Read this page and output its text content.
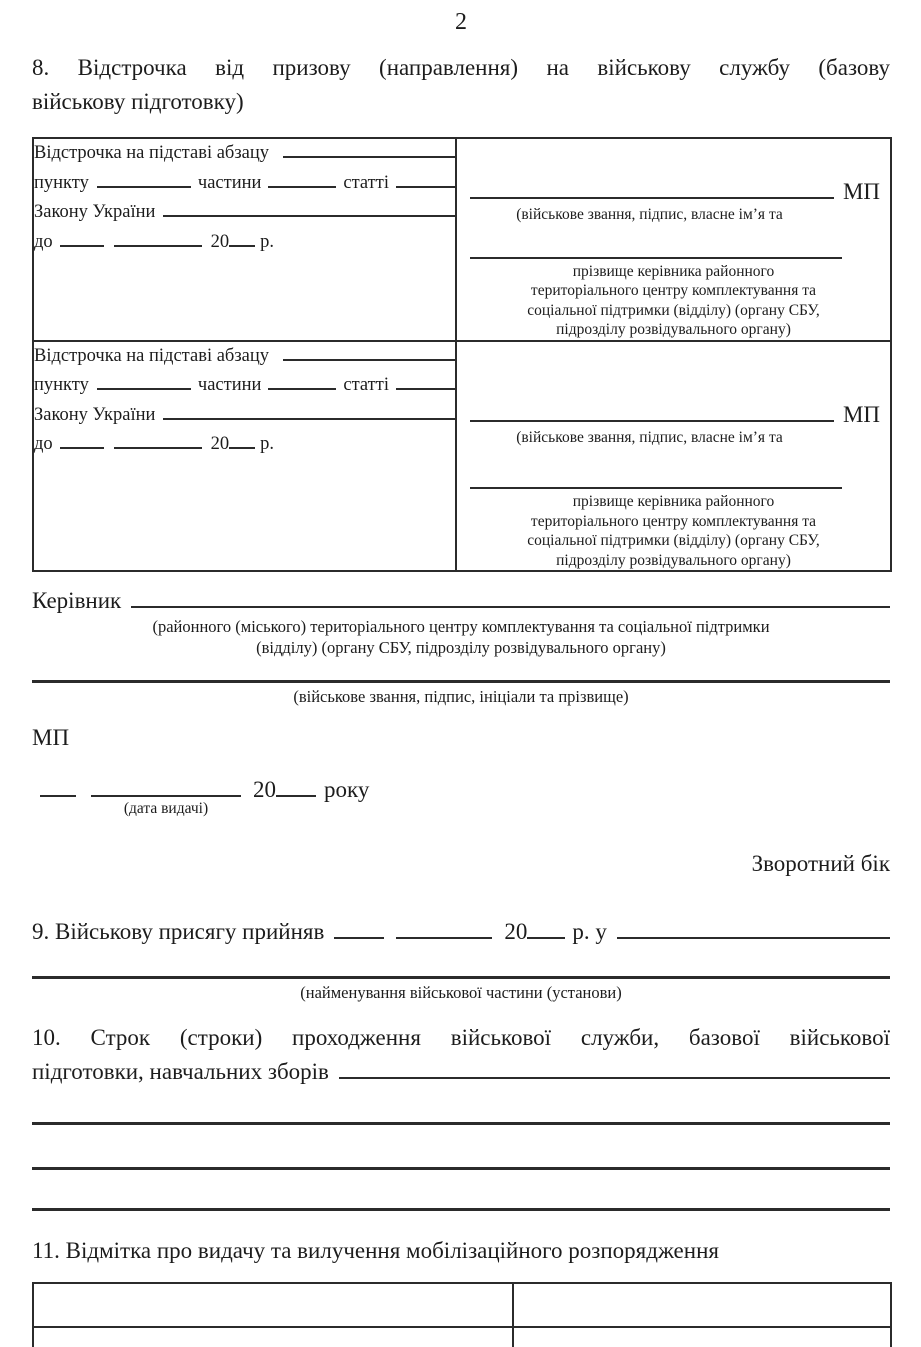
2
8. Відстрочка від призову (направлення) на військову службу (базову
військову підготовку)
Відстрочка на підставі абзацу
пункту	частини	статті
Закону України
до	20 р.

МП
(військове звання, підпис, власне ім’я та
прізвище керівника районного
територіального центру комплектування та
соціальної підтримки (відділу) (органу СБУ,
підрозділу розвідувального органу)

Відстрочка на підставі абзацу
пункту	частини	статті
Закону України
до	20 р.

МП
(військове звання, підпис, власне ім’я та
прізвище керівника районного
територіального центру комплектування та
соціальної підтримки (відділу) (органу СБУ,
підрозділу розвідувального органу)
Керівник
(районного (міського) територіального центру комплектування та соціальної підтримки
(відділу) (органу СБУ, підрозділу розвідувального органу)
(військове звання, підпис, ініціали та прізвище)
МП
(дата видачі)
20 року
Зворотний бік
9. Військову присягу прийняв	20 р. у
(найменування військової частини (установи)
10. Строк (строки) проходження військової служби, базової військової
підготовки, навчальних зборів
11. Відмітка про видачу та вилучення мобілізаційного розпорядження
